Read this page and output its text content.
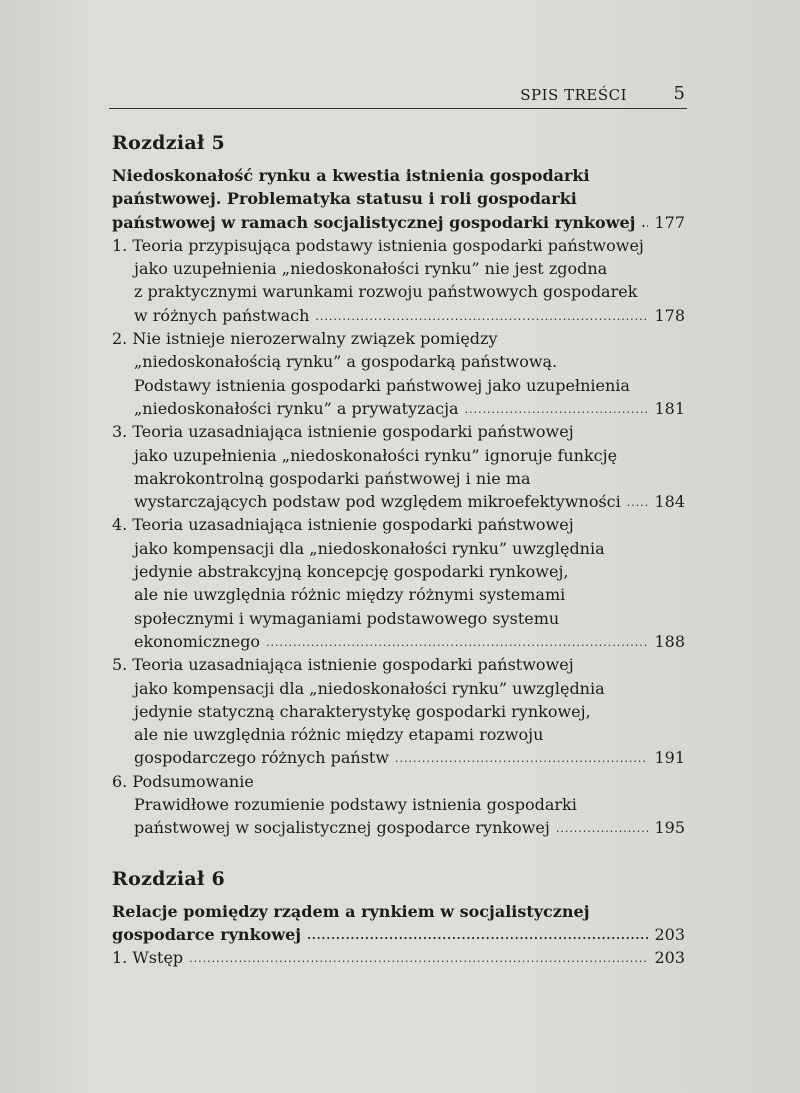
SPIS TREŚCI	5
Rozdział 5
Niedoskonałość rynku a kwestia istnienia gospodarki
państwowej. Problematyka statusu i roli gospodarki
państwowej w ramach socjalistycznej gospodarki rynkowej ..... 177
1. Teoria przypisująca podstawy istnienia gospodarki państwowej
jako uzupełnienia „niedoskonałości rynku” nie jest zgodna
z praktycznymi warunkami rozwoju państwowych gospodarek
w różnych państwach .....	178
2. Nie istnieje nierozerwalny związek pomiędzy
„niedoskonałością rynku” a gospodarką państwową.
Podstawy istnienia gospodarki państwowej jako uzupełnienia
„niedoskonałości rynku” a prywatyzacja .....	181
3. Teoria uzasadniająca istnienie gospodarki państwowej
jako uzupełnienia „niedoskonałości rynku” ignoruje funkcję
makrokontrolną gospodarki państwowej i nie ma
wystarczających podstaw pod względem mikroefektywności ..... 184
4. Teoria uzasadniająca istnienie gospodarki państwowej
jako kompensacji dla „niedoskonałości rynku” uwzględnia
jedynie abstrakcyjną koncepcję gospodarki rynkowej,
ale nie uwzględnia różnic między różnymi systemami
społecznymi i wymaganiami podstawowego systemu
ekonomicznego .....	188
5. Teoria uzasadniająca istnienie gospodarki państwowej
jako kompensacji dla „niedoskonałości rynku” uwzględnia
jedynie statyczną charakterystykę gospodarki rynkowej,
ale nie uwzględnia różnic między etapami rozwoju
gospodarczego różnych państw .....	191
6. Podsumowanie
Prawidłowe rozumienie podstawy istnienia gospodarki
państwowej w socjalistycznej gospodarce rynkowej .....	195
Rozdział 6
Relacje pomiędzy rządem a rynkiem w socjalistycznej
gospodarce rynkowej .....	203
1. Wstęp .....	203
